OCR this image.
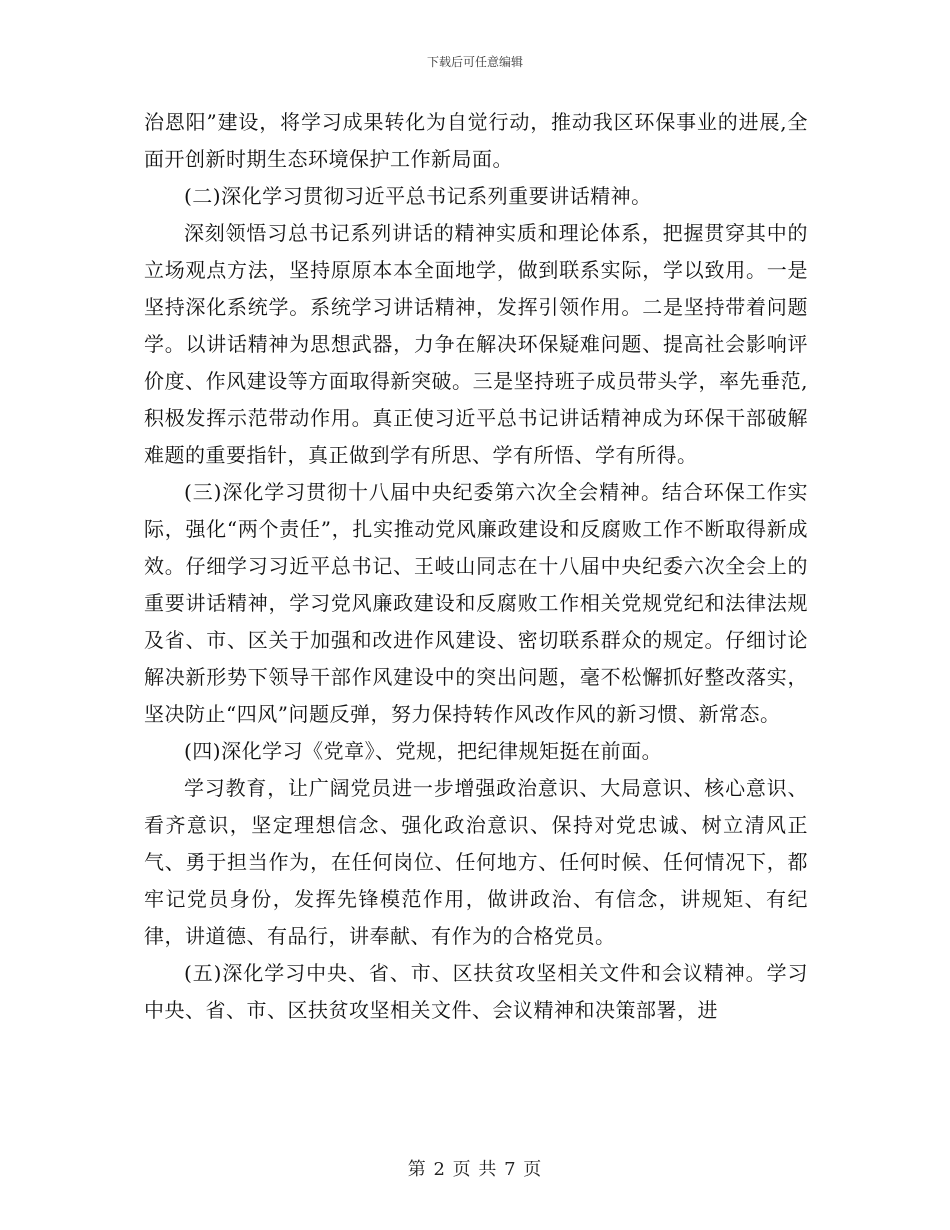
下载后可任意编辑

治恩阳”建设，将学习成果转化为自觉行动，推动我区环保事业的进展,全面开创新时期生态环境保护工作新局面。

(二)深化学习贯彻习近平总书记系列重要讲话精神。

深刻领悟习总书记系列讲话的精神实质和理论体系，把握贯穿其中的立场观点方法，坚持原原本本全面地学，做到联系实际，学以致用。一是坚持深化系统学。系统学习讲话精神，发挥引领作用。二是坚持带着问题学。以讲话精神为思想武器，力争在解决环保疑难问题、提高社会影响评价度、作风建设等方面取得新突破。三是坚持班子成员带头学，率先垂范,积极发挥示范带动作用。真正使习近平总书记讲话精神成为环保干部破解难题的重要指针，真正做到学有所思、学有所悟、学有所得。

(三)深化学习贯彻十八届中央纪委第六次全会精神。结合环保工作实际，强化“两个责任”，扎实推动党风廉政建设和反腐败工作不断取得新成效。仔细学习习近平总书记、王岐山同志在十八届中央纪委六次全会上的重要讲话精神，学习党风廉政建设和反腐败工作相关党规党纪和法律法规及省、市、区关于加强和改进作风建设、密切联系群众的规定。仔细讨论解决新形势下领导干部作风建设中的突出问题，毫不松懈抓好整改落实，坚决防止“四风”问题反弹，努力保持转作风改作风的新习惯、新常态。

(四)深化学习《党章》、党规，把纪律规矩挺在前面。

学习教育，让广阔党员进一步增强政治意识、大局意识、核心意识、看齐意识，坚定理想信念、强化政治意识、保持对党忠诚、树立清风正气、勇于担当作为，在任何岗位、任何地方、任何时候、任何情况下，都牢记党员身份，发挥先锋模范作用，做讲政治、有信念，讲规矩、有纪律，讲道德、有品行，讲奉献、有作为的合格党员。

(五)深化学习中央、省、市、区扶贫攻坚相关文件和会议精神。学习中央、省、市、区扶贫攻坚相关文件、会议精神和决策部署，进

第 2 页 共 7 页
